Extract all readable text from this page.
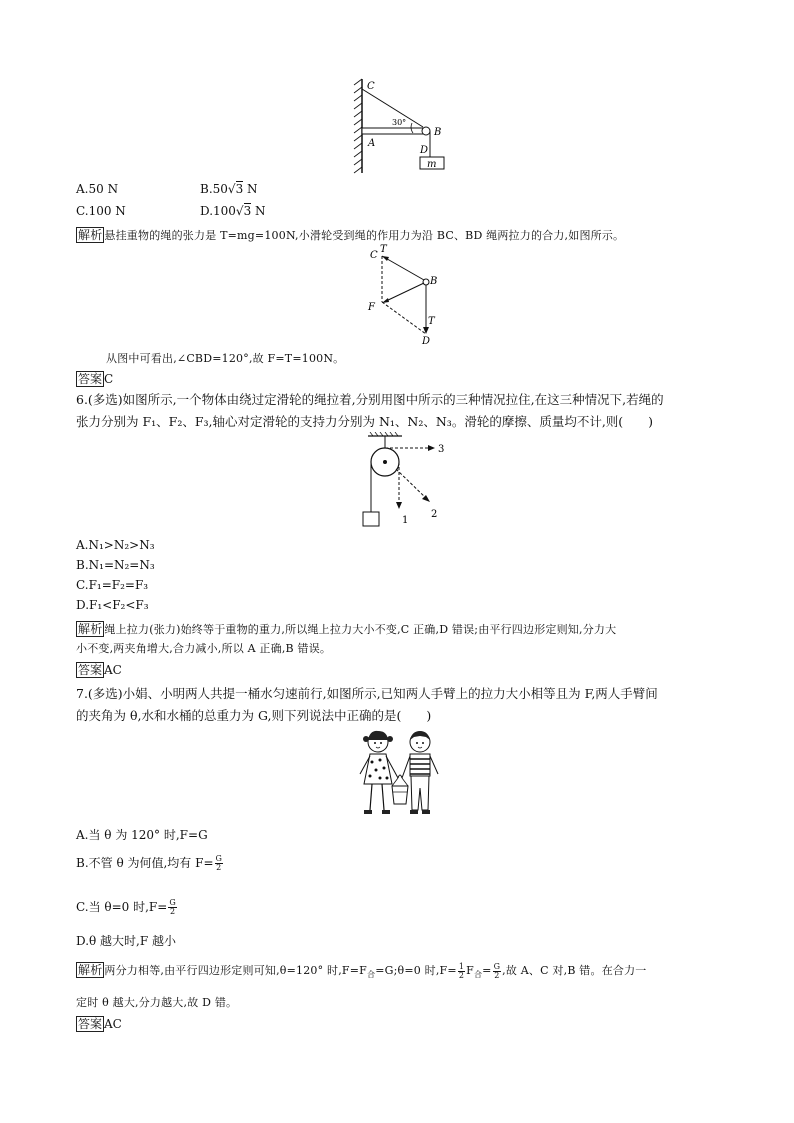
C
30°
A
B
D
m
A.50 N	B.50√3 N
C.100 N	D.100√3 N
解析 悬挂重物的绳的张力是 T=mg=100N,小滑轮受到绳的作用力为沿 BC、BD 绳两拉力的合力,如图所示。
C
T
B
F
T
D
从图中可看出,∠CBD=120°,故 F=T=100N。
答案 C
6.(多选)如图所示,一个物体由绕过定滑轮的绳拉着,分别用图中所示的三种情况拉住,在这三种情况下,若绳的
张力分别为 F₁、F₂、F₃,轴心对定滑轮的支持力分别为 N₁、N₂、N₃。滑轮的摩擦、质量均不计,则(　　)
1
2
3
A.N₁>N₂>N₃
B.N₁=N₂=N₃
C.F₁=F₂=F₃
D.F₁<F₂<F₃
解析 绳上拉力(张力)始终等于重物的重力,所以绳上拉力大小不变,C 正确,D 错误;由平行四边形定则知,分力大
小不变,两夹角增大,合力减小,所以 A 正确,B 错误。
答案 AC
7.(多选)小娟、小明两人共提一桶水匀速前行,如图所示,已知两人手臂上的拉力大小相等且为 F,两人手臂间
的夹角为 θ,水和水桶的总重力为 G,则下列说法中正确的是(　　)
A.当 θ 为 120° 时,F=G
B.不管 θ 为何值,均有 $F= \frac{G}{2}$
C.当 θ=0 时$,F= \frac{G}{2}$
D.θ 越大时,F 越小
解析 两分力相等,由平行四边形定则可知,θ=120° 时$,F=F_合=G;\theta=0$ 时$,F= \frac{1}{2} F_合= \frac{G}{2}$ ,故 A、C 对,B 错。在合力一
定时 θ 越大,分力越大,故 D 错。
答案 AC
